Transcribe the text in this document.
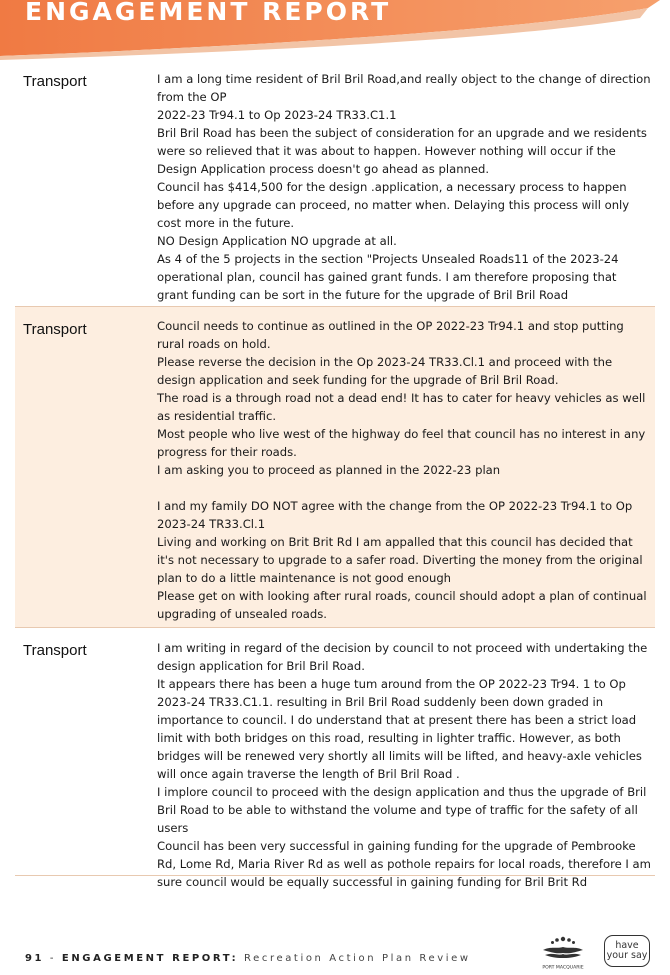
ENGAGEMENT REPORT
Transport	I am a long time resident of Bril Bril Road,and really object to the change of direction from the OP
2022-23 Tr94.1 to Op 2023-24 TR33.C1.1
Bril Bril Road has been the subject of consideration for an upgrade and we residents were so relieved that it was about to happen. However nothing will occur if the Design Application process doesn't go ahead as planned.
Council has $414,500 for the design .application, a necessary process to happen before any upgrade can proceed, no matter when. Delaying this process will only cost more in the future.
NO Design Application NO upgrade at all.
As 4 of the 5 projects in the section "Projects Unsealed Roads11 of the 2023-24 operational plan, council has gained grant funds. I am therefore proposing that grant funding can be sort in the future for the upgrade of Bril Bril Road
Transport	Council needs to continue as outlined in the OP 2022-23 Tr94.1 and stop putting rural roads on hold.
Please reverse the decision in the Op 2023-24 TR33.Cl.1 and proceed with the design application and seek funding for the upgrade of Bril Bril Road.
The road is a through road not a dead end! It has to cater for heavy vehicles as well as residential traffic.
Most people who live west of the highway do feel that council has no interest in any progress for their roads.
I am asking you to proceed as planned in the 2022-23 plan

I and my family DO NOT agree with the change from the OP 2022-23 Tr94.1 to Op 2023-24 TR33.Cl.1
Living and working on Brit Brit Rd I am appalled that this council has decided that it's not necessary to upgrade to a safer road. Diverting the money from the original plan to do a little maintenance is not good enough
Please get on with looking after rural roads, council should adopt a plan of continual upgrading of unsealed roads.
Transport	I am writing in regard of the decision by council to not proceed with undertaking the design application for Bril Bril Road.
It appears there has been a huge tum around from the OP 2022-23 Tr94. 1 to Op 2023-24 TR33.C1.1. resulting in Bril Bril Road suddenly been down graded in importance to council. I do understand that at present there has been a strict load limit with both bridges on this road, resulting in lighter traffic. However, as both bridges will be renewed very shortly all limits will be lifted, and heavy-axle vehicles will once again traverse the length of Bril Bril Road .
I implore council to proceed with the design application and thus the upgrade of Bril Bril Road to be able to withstand the volume and type of traffic for the safety of all users
Council has been very successful in gaining funding for the upgrade of Pembrooke Rd, Lome Rd, Maria River Rd as well as pothole repairs for local roads, therefore I am sure council would be equally successful in gaining funding for Bril Brit Rd
91 - ENGAGEMENT REPORT: Recreation Action Plan Review
PORT MACQUARIE
have
your say
